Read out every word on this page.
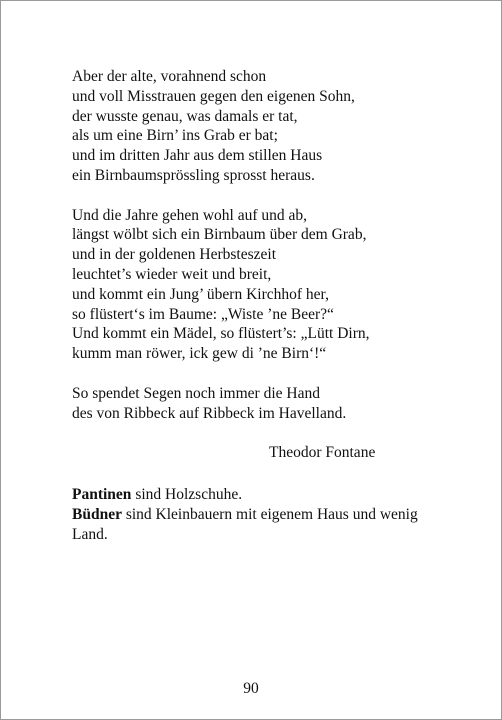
Aber der alte, vorahnend schon
und voll Misstrauen gegen den eigenen Sohn,
der wusste genau, was damals er tat,
als um eine Birn’ ins Grab er bat;
und im dritten Jahr aus dem stillen Haus
ein Birnbaumsprössling sprosst heraus.

Und die Jahre gehen wohl auf und ab,
längst wölbt sich ein Birnbaum über dem Grab,
und in der goldenen Herbsteszeit
leuchtet’s wieder weit und breit,
und kommt ein Jung’ übern Kirchhof her,
so flüstert‘s im Baume: „Wiste ’ne Beer?“
Und kommt ein Mädel, so flüstert’s: „Lütt Dirn,
kumm man röwer, ick gew di ’ne Birn‘!“

So spendet Segen noch immer die Hand
des von Ribbeck auf Ribbeck im Havelland.

Theodor Fontane
Pantinen sind Holzschuhe.
Büdner sind Kleinbauern mit eigenem Haus und wenig Land.
90
